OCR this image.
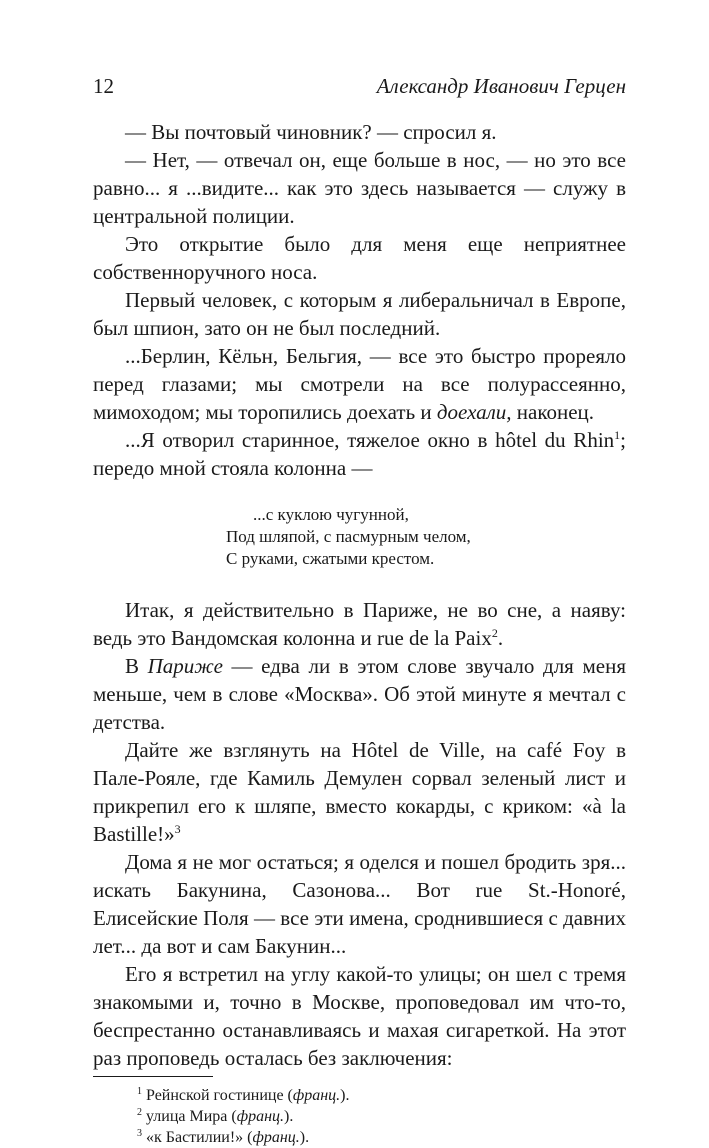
12	Александр Иванович Герцен

— Вы почтовый чиновник? — спросил я.

— Нет, — отвечал он, еще больше в нос, — но это все равно... я ...видите... как это здесь называется — служу в центральной полиции.

Это открытие было для меня еще неприятнее собственноручного носа.

Первый человек, с которым я либеральничал в Европе, был шпион, зато он не был последний.

...Берлин, Кёльн, Бельгия, — все это быстро прореяло перед глазами; мы смотрели на все полурассеянно, мимоходом; мы торопились доехать и доехали, наконец.

...Я отворил старинное, тяжелое окно в hôtel du Rhin$^1$; передо мной стояла колонна —

...с куклою чугунной,
Под шляпой, с пасмурным челом,
С руками, сжатыми крестом.

Итак, я действительно в Париже, не во сне, а наяву: ведь это Вандомская колонна и rue de la Paix$^2$.

В Париже — едва ли в этом слове звучало для меня меньше, чем в слове «Москва». Об этой минуте я мечтал с детства.

Дайте же взглянуть на Hôtel de Ville, на café Foy в Пале-Рояле, где Камиль Демулен сорвал зеленый лист и прикрепил его к шляпе, вместо кокарды, с криком: «à la Bastille!»$^3$

Дома я не мог остаться; я оделся и пошел бродить зря... искать Бакунина, Сазонова... Вот rue St.-Honoré, Елисейские Поля — все эти имена, сроднившиеся с давних лет... да вот и сам Бакунин...

Его я встретил на углу какой-то улицы; он шел с тремя знакомыми и, точно в Москве, проповедовал им что-то, беспрестанно останавливаясь и махая сигареткой. На этот раз проповедь осталась без заключения:

$^1$ Рейнской гостинице (франц.).
$^2$ улица Мира (франц.).
$^3$ «к Бастилии!» (франц.).
